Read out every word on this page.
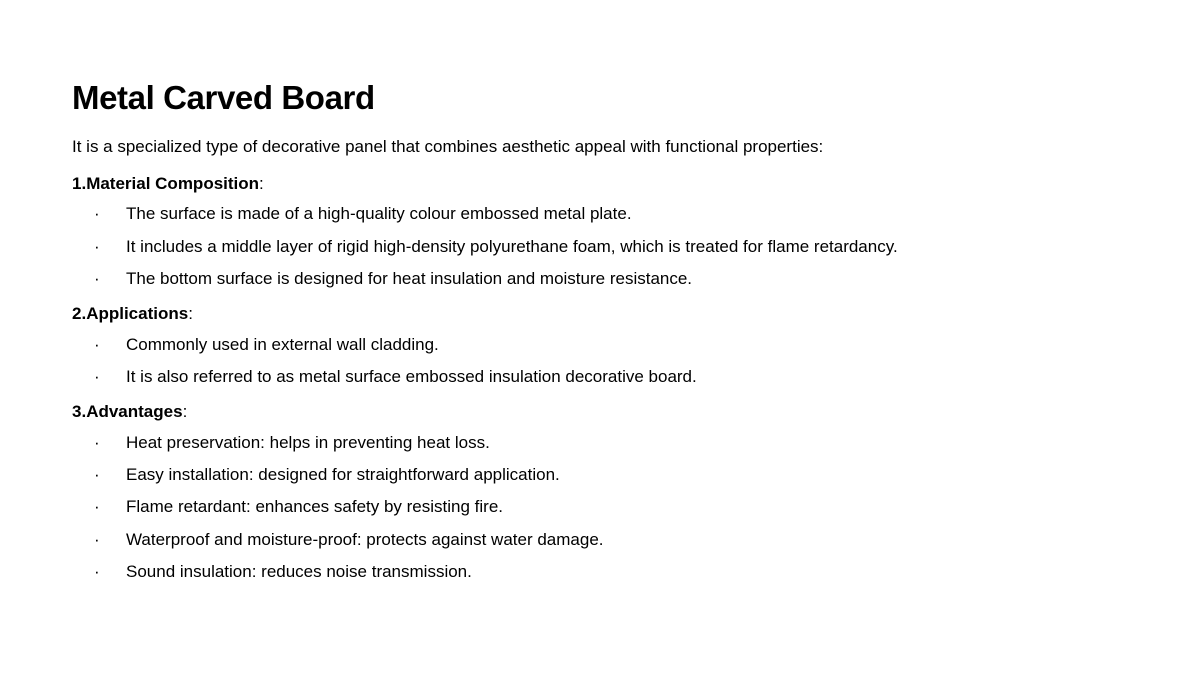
Metal Carved Board

It is a specialized type of decorative panel that combines aesthetic appeal with functional properties:

1.Material Composition:

· The surface is made of a high-quality colour embossed metal plate.
· It includes a middle layer of rigid high-density polyurethane foam, which is treated for flame retardancy.
· The bottom surface is designed for heat insulation and moisture resistance.

2.Applications:

· Commonly used in external wall cladding.
· It is also referred to as metal surface embossed insulation decorative board.

3.Advantages:

· Heat preservation: helps in preventing heat loss.
· Easy installation: designed for straightforward application.
· Flame retardant: enhances safety by resisting fire.
· Waterproof and moisture-proof: protects against water damage.
· Sound insulation: reduces noise transmission.
